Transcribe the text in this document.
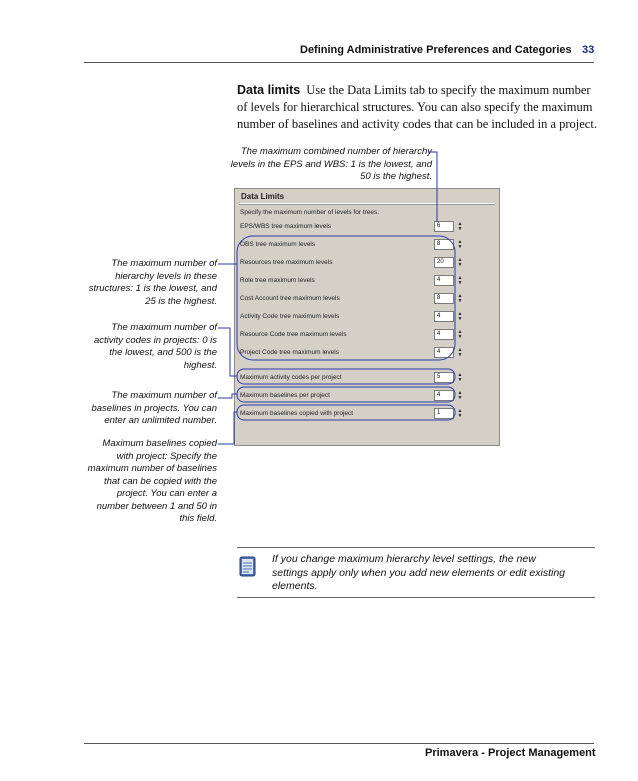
Defining Administrative Preferences and Categories 33
Data limits Use the Data Limits tab to specify the maximum number of levels for hierarchical structures. You can also specify the maximum number of baselines and activity codes that can be included in a project.
The maximum combined number of hierarchy levels in the EPS and WBS: 1 is the lowest, and 50 is the highest.
The maximum number of hierarchy levels in these structures: 1 is the lowest, and 25 is the highest.
The maximum number of activity codes in projects: 0 is the lowest, and 500 is the highest.
The maximum number of baselines in projects. You can enter an unlimited number.
Maximum baselines copied with project: Specify the maximum number of baselines that can be copied with the project. You can enter a number between 1 and 50 in this field.
Data Limits
Specify the maximum number of levels for trees.
EPS/WBS tree maximum levels	6	▲
▼
OBS tree maximum levels	8	▲
▼
Resources tree maximum levels	20	▲
▼
Role tree maximum levels	4	▲
▼
Cost Account tree maximum levels	8	▲
▼
Activity Code tree maximum levels	4	▲
▼
Resource Code tree maximum levels	4	▲
▼
Project Code tree maximum levels	4	▲
▼
Maximum activity codes per project	5	▲
▼
Maximum baselines per project	4	▲
▼
Maximum baselines copied with project	1	▲
▼
If you change maximum hierarchy level settings, the new settings apply only when you add new elements or edit existing elements.
Primavera - Project Management
